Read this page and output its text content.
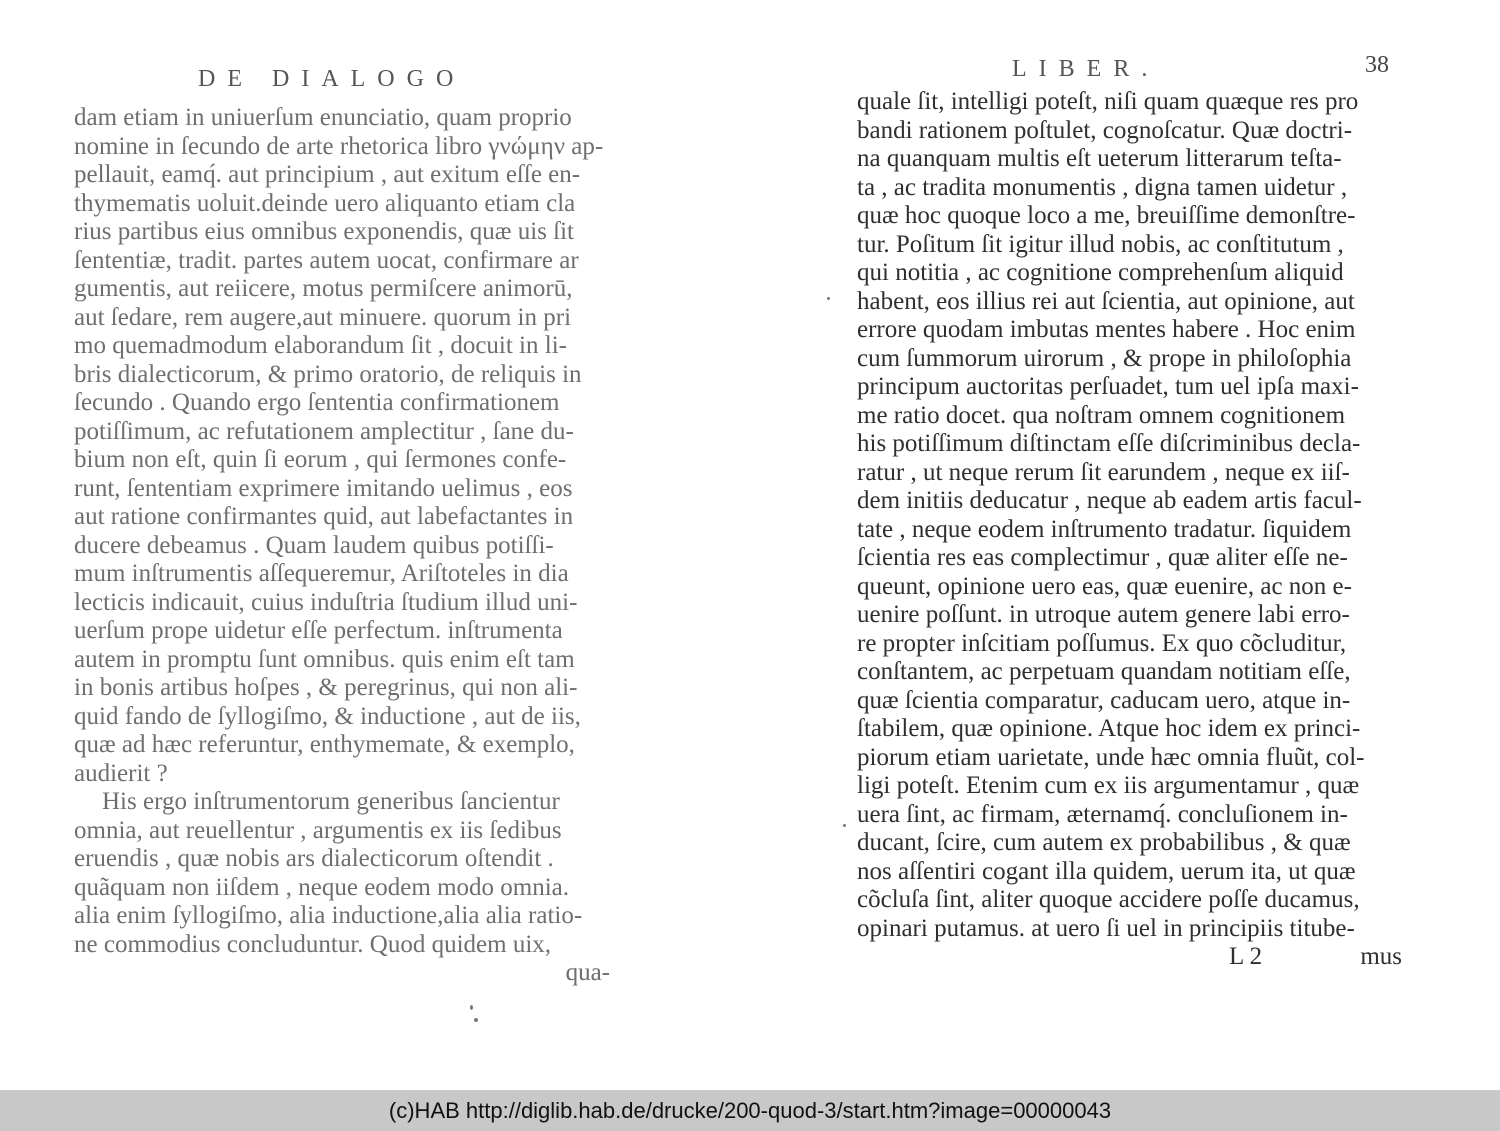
DE DIALOGO
dam etiam in uniuerſum enunciatio, quam proprio
nomine in ſecundo de arte rhetorica libro γνώμην ap-
pellauit, eamq́. aut principium , aut exitum eſſe en-
thymematis uoluit.deinde uero aliquanto etiam cla
rius partibus eius omnibus exponendis, quæ uis ſit
ſententiæ, tradit. partes autem uocat, confirmare ar
gumentis, aut reiicere, motus permiſcere animorū,
aut ſedare, rem augere,aut minuere. quorum in pri
mo quemadmodum elaborandum ſit , docuit in li-
bris dialecticorum, & primo oratorio, de reliquis in
ſecundo . Quando ergo ſententia confirmationem
potiſſimum, ac refutationem amplectitur , ſane du-
bium non eſt, quin ſi eorum , qui ſermones confe-
runt, ſententiam exprimere imitando uelimus , eos
aut ratione confirmantes quid, aut labefactantes in
ducere debeamus . Quam laudem quibus potiſſi-
mum inſtrumentis aſſequeremur, Ariſtoteles in dia
lecticis indicauit, cuius induſtria ſtudium illud uni-
uerſum prope uidetur eſſe perfectum. inſtrumenta
autem in promptu ſunt omnibus. quis enim eſt tam
in bonis artibus hoſpes , & peregrinus, qui non ali-
quid fando de ſyllogiſmo, & inductione , aut de iis,
quæ ad hæc referuntur, enthymemate, & exemplo,
audierit ?
His ergo inſtrumentorum generibus ſancientur
omnia, aut reuellentur , argumentis ex iis ſedibus
eruendis , quæ nobis ars dialecticorum oſtendit .
quãquam non iiſdem , neque eodem modo omnia.
alia enim ſyllogiſmo, alia inductione,alia alia ratio-
ne commodius concluduntur. Quod quidem uix,
qua-
LIBER.	38
quale ſit, intelligi poteſt, niſi quam quæque res pro
bandi rationem poſtulet, cognoſcatur. Quæ doctri-
na quanquam multis eſt ueterum litterarum teſta-
ta , ac tradita monumentis , digna tamen uidetur ,
quæ hoc quoque loco a me, breuiſſime demonſtre-
tur. Poſitum ſit igitur illud nobis, ac conſtitutum ,
qui notitia , ac cognitione comprehenſum aliquid
habent, eos illius rei aut ſcientia, aut opinione, aut
errore quodam imbutas mentes habere . Hoc enim
cum ſummorum uirorum , & prope in philoſophia
principum auctoritas perſuadet, tum uel ipſa maxi-
me ratio docet. qua noſtram omnem cognitionem
his potiſſimum diſtinctam eſſe diſcriminibus decla-
ratur , ut neque rerum ſit earundem , neque ex iiſ-
dem initiis deducatur , neque ab eadem artis facul-
tate , neque eodem inſtrumento tradatur. ſiquidem
ſcientia res eas complectimur , quæ aliter eſſe ne-
queunt, opinione uero eas, quæ euenire, ac non e-
uenire poſſunt. in utroque autem genere labi erro-
re propter inſcitiam poſſumus. Ex quo cõcluditur,
conſtantem, ac perpetuam quandam notitiam eſſe,
quæ ſcientia comparatur, caducam uero, atque in-
ſtabilem, quæ opinione. Atque hoc idem ex princi-
piorum etiam uarietate, unde hæc omnia fluũt, col-
ligi poteſt. Etenim cum ex iis argumentamur , quæ
uera ſint, ac firmam, æternamq́. concluſionem in-
ducant, ſcire, cum autem ex probabilibus , & quæ
nos aſſentiri cogant illa quidem, uerum ita, ut quæ
cõcluſa ſint, aliter quoque accidere poſſe ducamus,
opinari putamus. at uero ſi uel in principiis titube-
L 2	mus
(c)HAB http://diglib.hab.de/drucke/200-quod-3/start.htm?image=00000043
